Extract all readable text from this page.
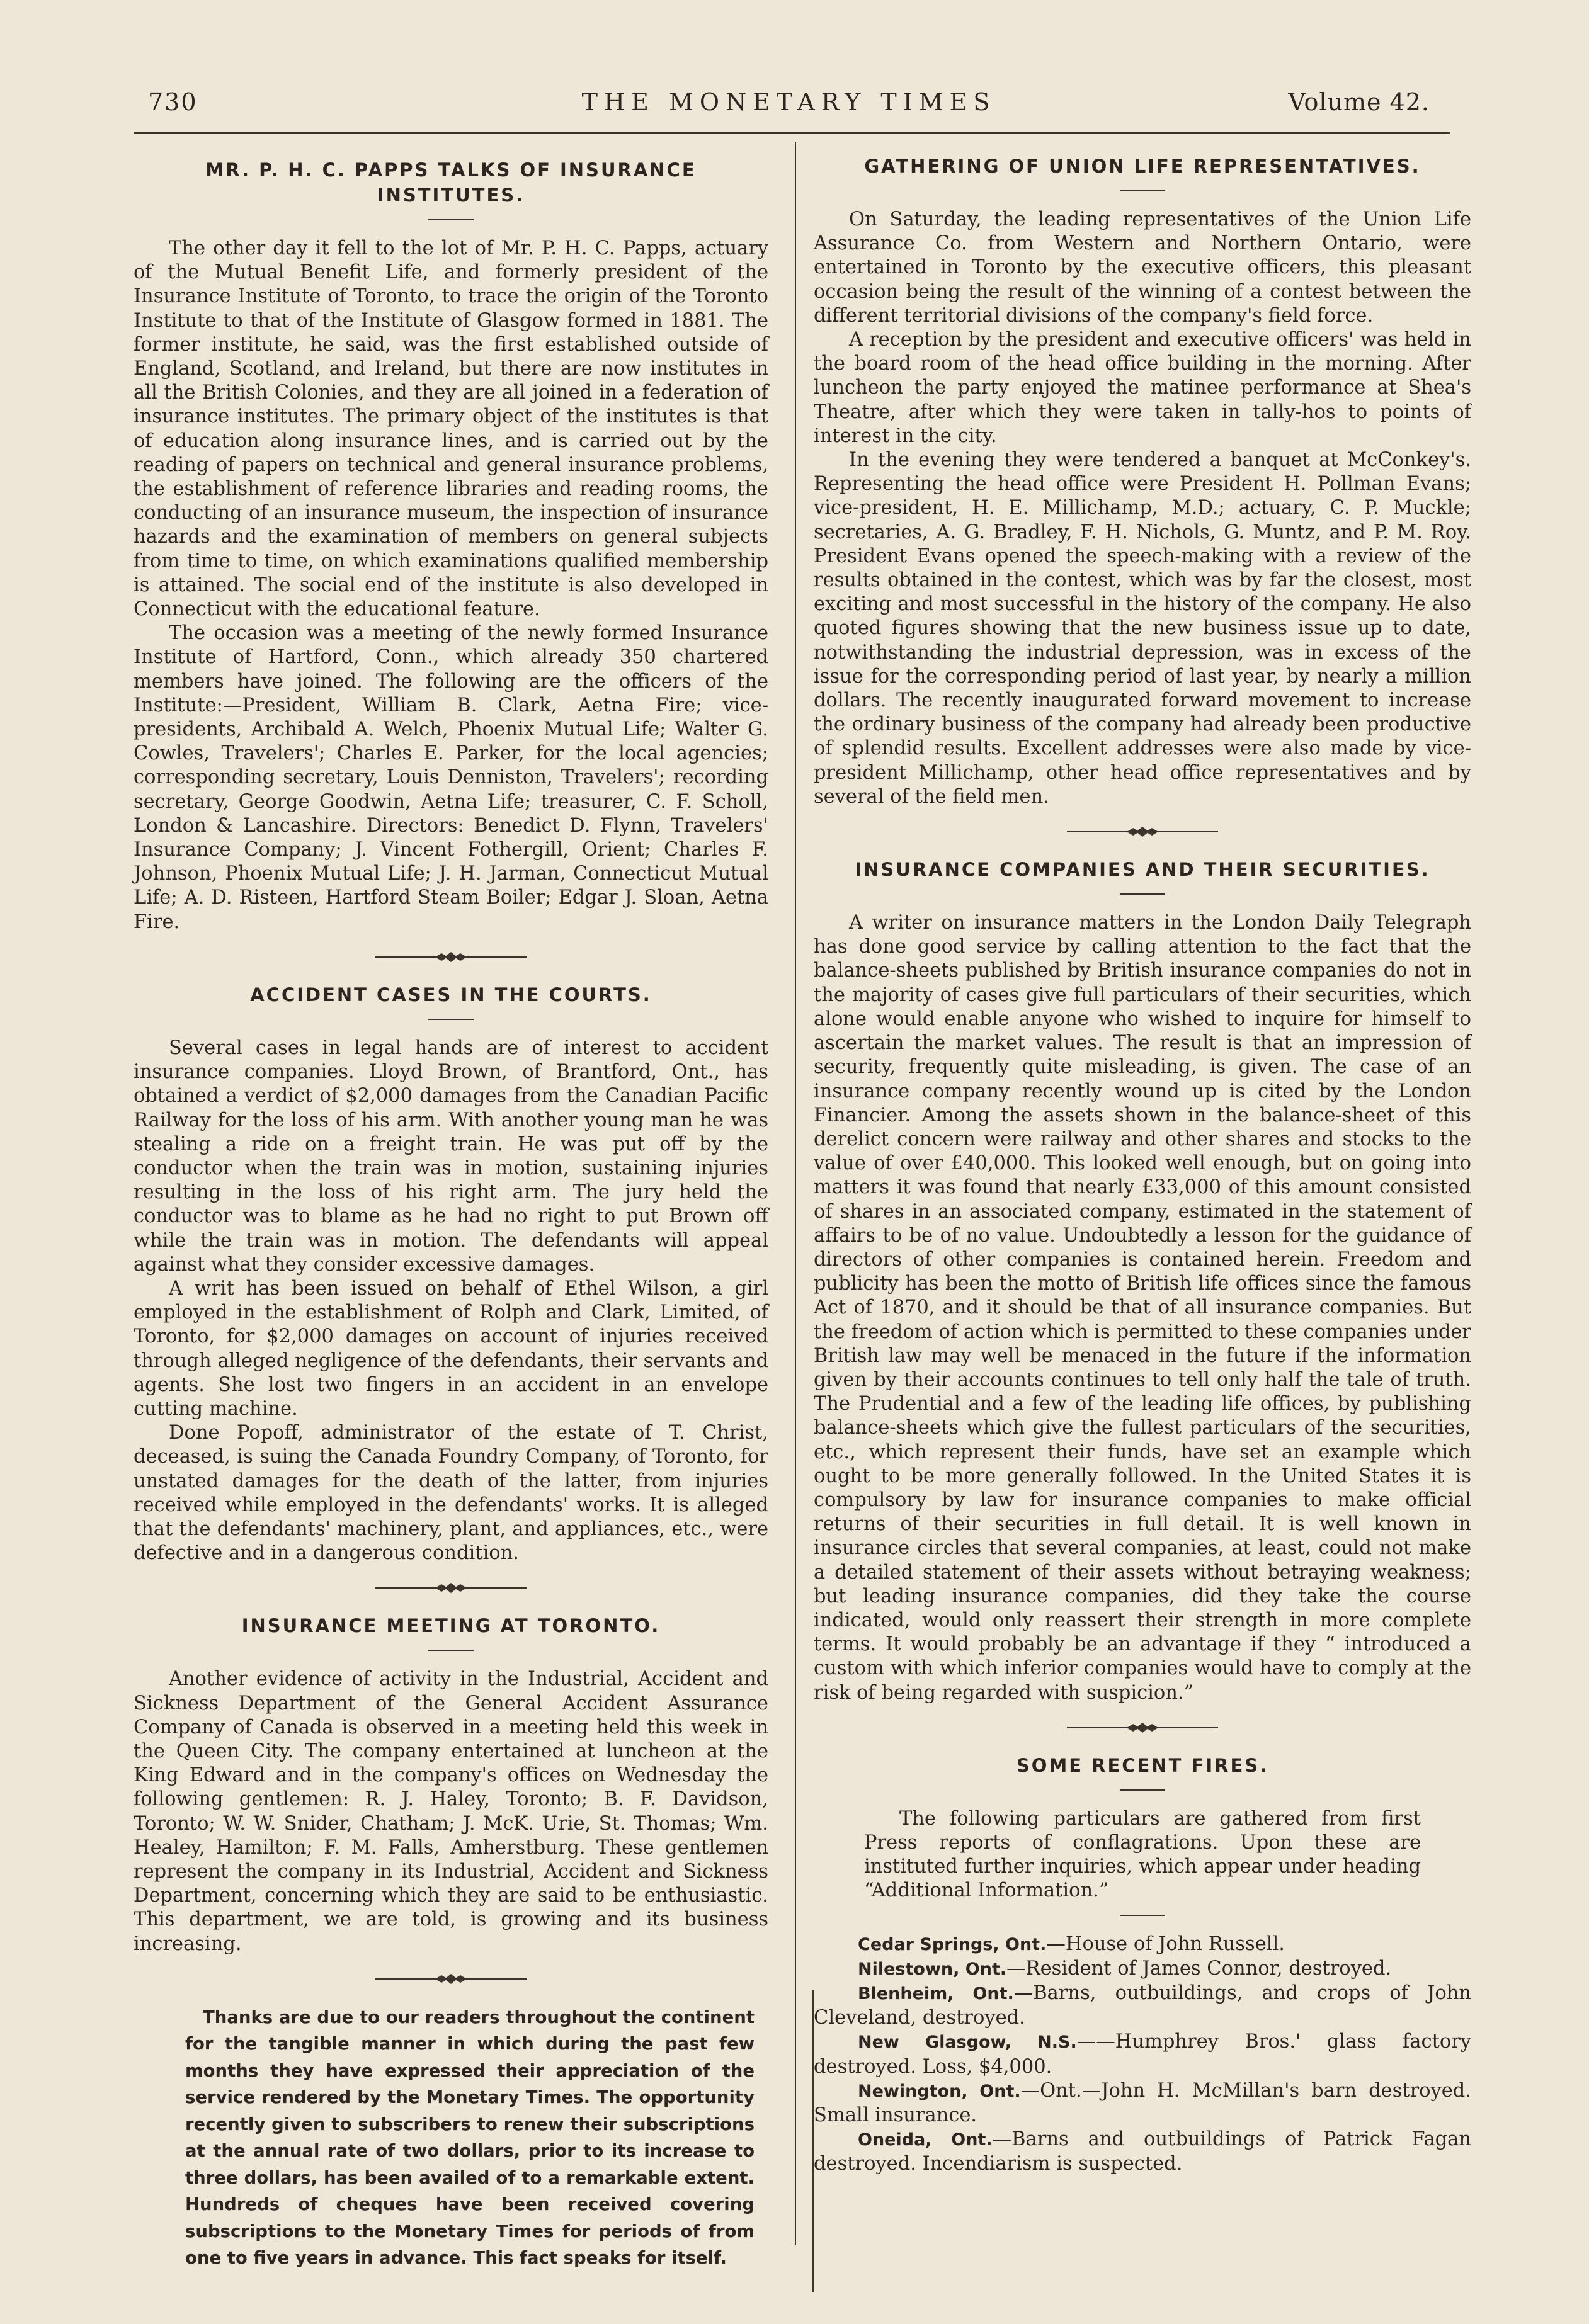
730	THE MONETARY TIMES	Volume 42.
MR. P. H. C. PAPPS TALKS OF INSURANCE
INSTITUTES.

The other day it fell to the lot of Mr. P. H. C. Papps, actuary of the Mutual Benefit Life, and formerly president of the Insurance Institute of Toronto, to trace the origin of the Toronto Institute to that of the Institute of Glasgow formed in 1881. The former institute, he said, was the first established outside of England, Scotland, and Ireland, but there are now institutes in all the British Colonies, and they are all joined in a federation of insurance institutes. The primary object of the institutes is that of education along insurance lines, and is carried out by the reading of papers on technical and general insurance problems, the establishment of reference libraries and reading rooms, the conducting of an insurance museum, the inspection of insurance hazards and the examination of members on general subjects from time to time, on which examinations qualified membership is attained. The social end of the institute is also developed in Connecticut with the educational feature.

The occasion was a meeting of the newly formed Insurance Institute of Hartford, Conn., which already 350 chartered members have joined. The following are the officers of the Institute:—President, William B. Clark, Aetna Fire; vice-presidents, Archibald A. Welch, Phoenix Mutual Life; Walter G. Cowles, Travelers'; Charles E. Parker, for the local agencies; corresponding secretary, Louis Denniston, Travelers'; recording secretary, George Goodwin, Aetna Life; treasurer, C. F. Scholl, London & Lancashire. Directors: Benedict D. Flynn, Travelers' Insurance Company; J. Vincent Fothergill, Orient; Charles F. Johnson, Phoenix Mutual Life; J. H. Jarman, Connecticut Mutual Life; A. D. Risteen, Hartford Steam Boiler; Edgar J. Sloan, Aetna Fire.

ACCIDENT CASES IN THE COURTS.

Several cases in legal hands are of interest to accident insurance companies. Lloyd Brown, of Brantford, Ont., has obtained a verdict of $2,000 damages from the Canadian Pacific Railway for the loss of his arm. With another young man he was stealing a ride on a freight train. He was put off by the conductor when the train was in motion, sustaining injuries resulting in the loss of his right arm. The jury held the conductor was to blame as he had no right to put Brown off while the train was in motion. The defendants will appeal against what they consider excessive damages.

A writ has been issued on behalf of Ethel Wilson, a girl employed in the establishment of Rolph and Clark, Limited, of Toronto, for $2,000 damages on account of injuries received through alleged negligence of the defendants, their servants and agents. She lost two fingers in an accident in an envelope cutting machine.

Done Popoff, administrator of the estate of T. Christ, deceased, is suing the Canada Foundry Company, of Toronto, for unstated damages for the death of the latter, from injuries received while employed in the defendants' works. It is alleged that the defendants' machinery, plant, and appliances, etc., were defective and in a dangerous condition.

INSURANCE MEETING AT TORONTO.

Another evidence of activity in the Industrial, Accident and Sickness Department of the General Accident Assurance Company of Canada is observed in a meeting held this week in the Queen City. The company entertained at luncheon at the King Edward and in the company's offices on Wednesday the following gentlemen: R. J. Haley, Toronto; B. F. Davidson, Toronto; W. W. Snider, Chatham; J. McK. Urie, St. Thomas; Wm. Healey, Hamilton; F. M. Falls, Amherstburg. These gentlemen represent the company in its Industrial, Accident and Sickness Department, concerning which they are said to be enthusiastic. This department, we are told, is growing and its business increasing.

Thanks are due to our readers throughout the continent for the tangible manner in which during the past few months they have expressed their appreciation of the service rendered by the Monetary Times. The opportunity recently given to subscribers to renew their subscriptions at the annual rate of two dollars, prior to its increase to three dollars, has been availed of to a remarkable extent. Hundreds of cheques have been received covering subscriptions to the Monetary Times for periods of from one to five years in advance. This fact speaks for itself.
GATHERING OF UNION LIFE REPRESENTATIVES.

On Saturday, the leading representatives of the Union Life Assurance Co. from Western and Northern Ontario, were entertained in Toronto by the executive officers, this pleasant occasion being the result of the winning of a contest between the different territorial divisions of the company's field force.

A reception by the president and executive officers' was held in the board room of the head office building in the morning. After luncheon the party enjoyed the matinee performance at Shea's Theatre, after which they were taken in tally-hos to points of interest in the city.

In the evening they were tendered a banquet at McConkey's. Representing the head office were President H. Pollman Evans; vice-president, H. E. Millichamp, M.D.; actuary, C. P. Muckle; secretaries, A. G. Bradley, F. H. Nichols, G. Muntz, and P. M. Roy. President Evans opened the speech-making with a review of the results obtained in the contest, which was by far the closest, most exciting and most successful in the history of the company. He also quoted figures showing that the new business issue up to date, notwithstanding the industrial depression, was in excess of the issue for the corresponding period of last year, by nearly a million dollars. The recently inaugurated forward movement to increase the ordinary business of the company had already been productive of splendid results. Excellent addresses were also made by vice-president Millichamp, other head office representatives and by several of the field men.

INSURANCE COMPANIES AND THEIR SECURITIES.

A writer on insurance matters in the London Daily Telegraph has done good service by calling attention to the fact that the balance-sheets published by British insurance companies do not in the majority of cases give full particulars of their securities, which alone would enable anyone who wished to inquire for himself to ascertain the market values. The result is that an impression of security, frequently quite misleading, is given. The case of an insurance company recently wound up is cited by the London Financier. Among the assets shown in the balance-sheet of this derelict concern were railway and other shares and stocks to the value of over £40,000. This looked well enough, but on going into matters it was found that nearly £33,000 of this amount consisted of shares in an associated company, estimated in the statement of affairs to be of no value. Undoubtedly a lesson for the guidance of directors of other companies is contained herein. Freedom and publicity has been the motto of British life offices since the famous Act of 1870, and it should be that of all insurance companies. But the freedom of action which is permitted to these companies under British law may well be menaced in the future if the information given by their accounts continues to tell only half the tale of truth. The Prudential and a few of the leading life offices, by publishing balance-sheets which give the fullest particulars of the securities, etc., which represent their funds, have set an example which ought to be more generally followed. In the United States it is compulsory by law for insurance companies to make official returns of their securities in full detail. It is well known in insurance circles that several companies, at least, could not make a detailed statement of their assets without betraying weakness; but leading insurance companies, did they take the course indicated, would only reassert their strength in more complete terms. It would probably be an advantage if they “ introduced a custom with which inferior companies would have to comply at the risk of being regarded with suspicion.”

SOME RECENT FIRES.

The following particulars are gathered from first Press reports of conflagrations. Upon these are instituted further inquiries, which appear under heading “Additional Information.”

Cedar Springs, Ont.—House of John Russell.

Nilestown, Ont.—Resident of James Connor, destroyed.

Blenheim, Ont.—Barns, outbuildings, and crops of John Cleveland, destroyed.

New Glasgow, N.S.——Humphrey Bros.' glass factory destroyed. Loss, $4,000.

Newington, Ont.—Ont.—John H. McMillan's barn destroyed. Small insurance.

Oneida, Ont.—Barns and outbuildings of Patrick Fagan destroyed. Incendiarism is suspected.
